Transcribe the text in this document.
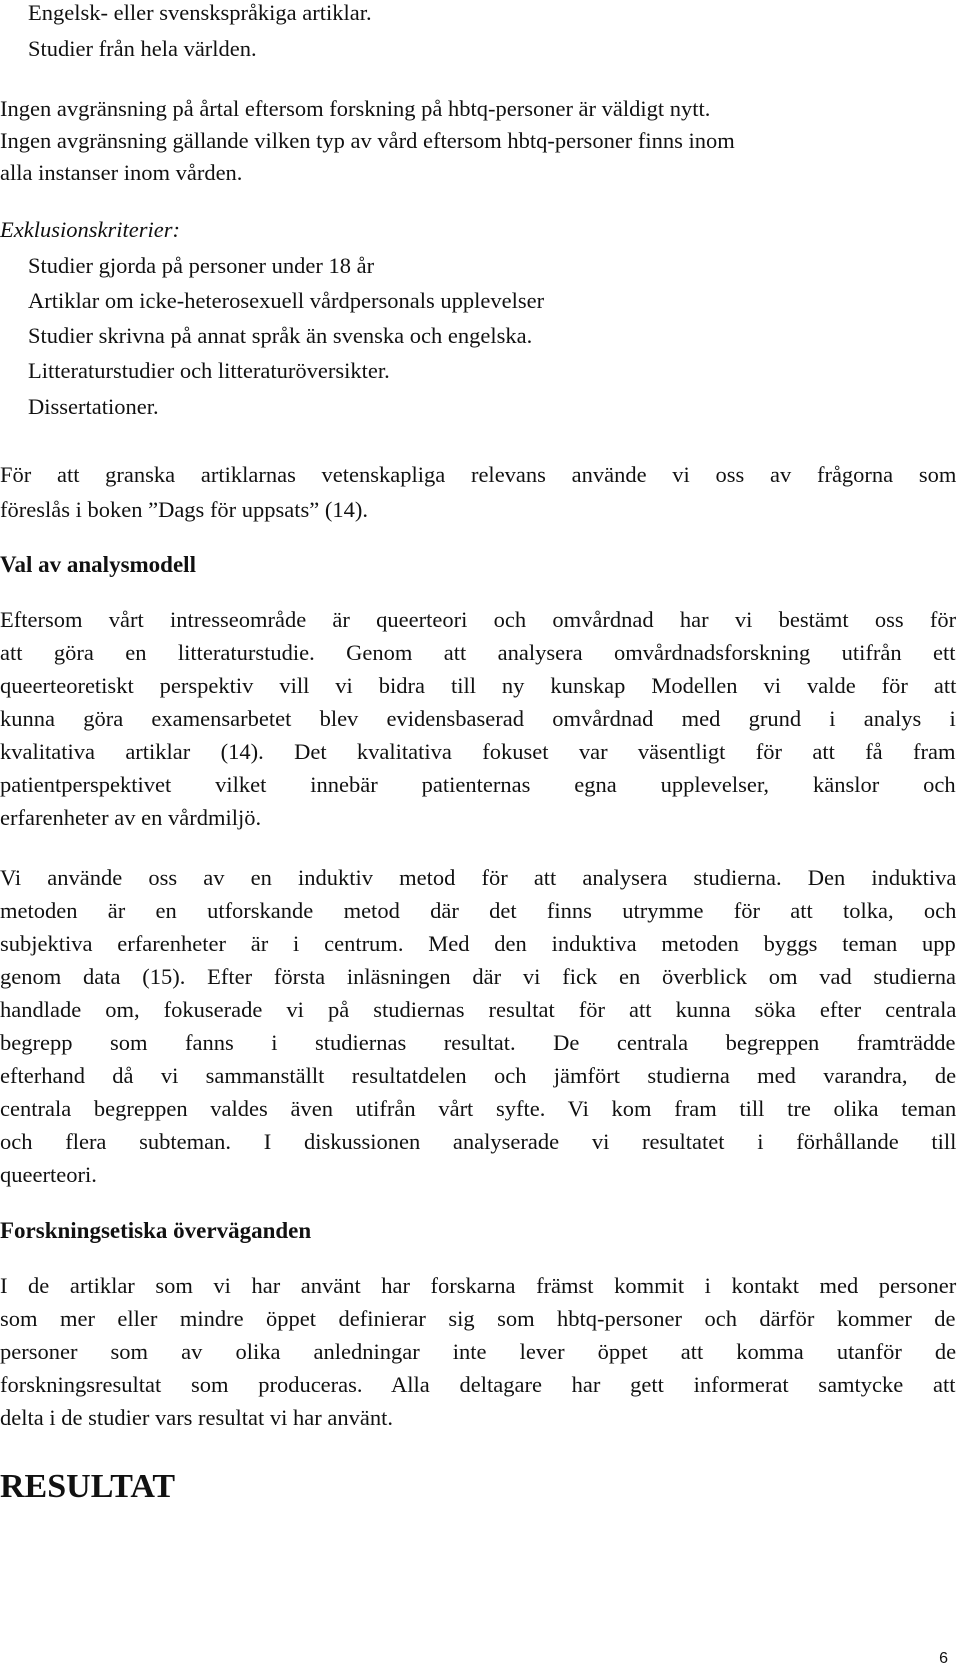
Engelsk- eller svenskspråkiga artiklar.
Studier från hela världen.
Ingen avgränsning på årtal eftersom forskning på hbtq-personer är väldigt nytt.
Ingen avgränsning gällande vilken typ av vård eftersom hbtq-personer finns inom
alla instanser inom vården.
Exklusionskriterier:
Studier gjorda på personer under 18 år
Artiklar om icke-heterosexuell vårdpersonals upplevelser
Studier skrivna på annat språk än svenska och engelska.
Litteraturstudier och litteraturöversikter.
Dissertationer.
För att granska artiklarnas vetenskapliga relevans använde vi oss av frågorna som
föreslås i boken ”Dags för uppsats” (14).
Val av analysmodell
Eftersom vårt intresseområde är queerteori och omvårdnad har vi bestämt oss för
att göra en litteraturstudie. Genom att analysera omvårdnadsforskning utifrån ett
queerteoretiskt perspektiv vill vi bidra till ny kunskap Modellen vi valde för att
kunna göra examensarbetet blev evidensbaserad omvårdnad med grund i analys i
kvalitativa artiklar (14). Det kvalitativa fokuset var väsentligt för att få fram
patientperspektivet vilket innebär patienternas egna upplevelser, känslor och
erfarenheter av en vårdmiljö.
Vi använde oss av en induktiv metod för att analysera studierna. Den induktiva
metoden är en utforskande metod där det finns utrymme för att tolka, och
subjektiva erfarenheter är i centrum. Med den induktiva metoden byggs teman upp
genom data (15). Efter första inläsningen där vi fick en överblick om vad studierna
handlade om, fokuserade vi på studiernas resultat för att kunna söka efter centrala
begrepp som fanns i studiernas resultat. De centrala begreppen framträdde
efterhand då vi sammanställt resultatdelen och jämfört studierna med varandra, de
centrala begreppen valdes även utifrån vårt syfte. Vi kom fram till tre olika teman
och flera subteman. I diskussionen analyserade vi resultatet i förhållande till
queerteori.
Forskningsetiska överväganden
I de artiklar som vi har använt har forskarna främst kommit i kontakt med personer
som mer eller mindre öppet definierar sig som hbtq-personer och därför kommer de
personer som av olika anledningar inte lever öppet att komma utanför de
forskningsresultat som produceras. Alla deltagare har gett informerat samtycke att
delta i de studier vars resultat vi har använt.
RESULTAT
6
